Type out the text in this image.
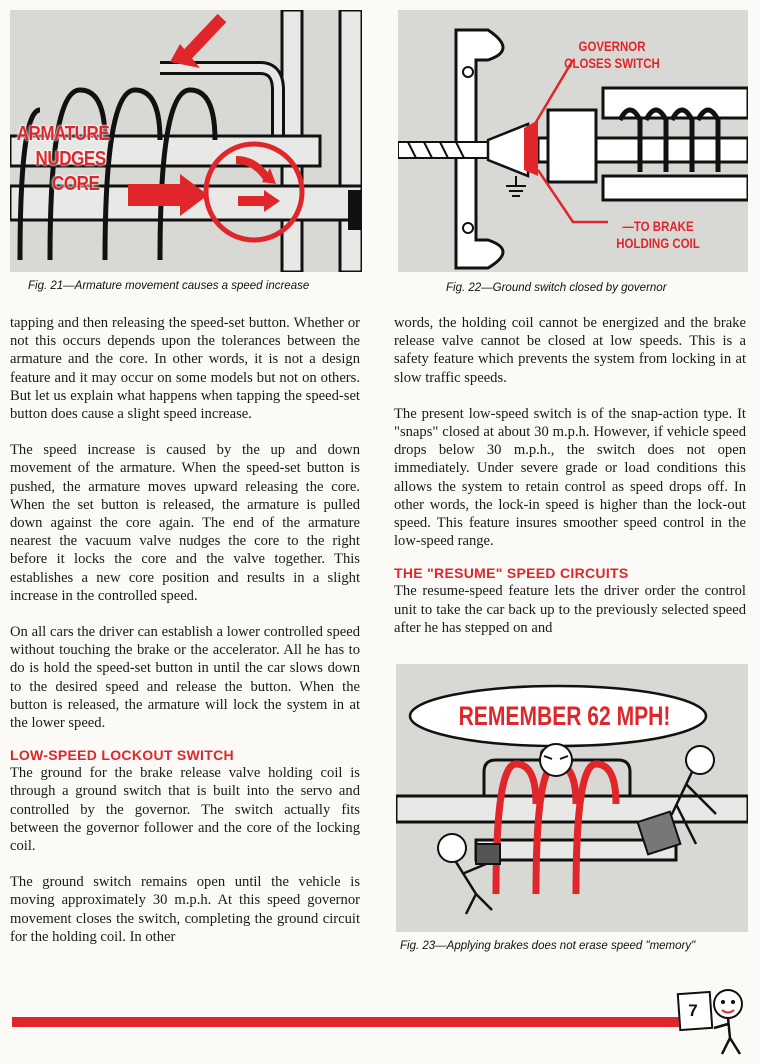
ARMATURE
NUDGES
CORE
Fig. 21—Armature movement causes a speed increase
GOVERNOR
CLOSES SWITCH
—TO BRAKE
HOLDING COIL
Fig. 22—Ground switch closed by governor

tapping and then releasing the speed-set button. Whether or not this occurs depends upon the tolerances between the armature and the core. In other words, it is not a design feature and it may occur on some models but not on others. But let us explain what happens when tapping the speed-set button does cause a slight speed increase.

The speed increase is caused by the up and down movement of the armature. When the speed-set button is pushed, the armature moves upward releasing the core. When the set button is released, the armature is pulled down against the core again. The end of the armature nearest the vacuum valve nudges the core to the right before it locks the core and the valve together. This establishes a new core position and results in a slight increase in the controlled speed.

On all cars the driver can establish a lower controlled speed without touching the brake or the accelerator. All he has to do is hold the speed-set button in until the car slows down to the desired speed and release the button. When the button is released, the armature will lock the system in at the lower speed.

LOW-SPEED LOCKOUT SWITCH

The ground for the brake release valve holding coil is through a ground switch that is built into the servo and controlled by the governor. The switch actually fits between the governor follower and the core of the locking coil.

The ground switch remains open until the vehicle is moving approximately 30 m.p.h. At this speed governor movement closes the switch, completing the ground circuit for the holding coil. In other

words, the holding coil cannot be energized and the brake release valve cannot be closed at low speeds. This is a safety feature which prevents the system from locking in at slow traffic speeds.

The present low-speed switch is of the snap-action type. It "snaps" closed at about 30 m.p.h. However, if vehicle speed drops below 30 m.p.h., the switch does not open immediately. Under severe grade or load conditions this allows the system to retain control as speed drops off. In other words, the lock-in speed is higher than the lock-out speed. This feature insures smoother speed control in the low-speed range.

THE "RESUME" SPEED CIRCUITS

The resume-speed feature lets the driver order the control unit to take the car back up to the previously selected speed after he has stepped on and

REMEMBER 62 MPH!
Fig. 23—Applying brakes does not erase speed "memory"
7
